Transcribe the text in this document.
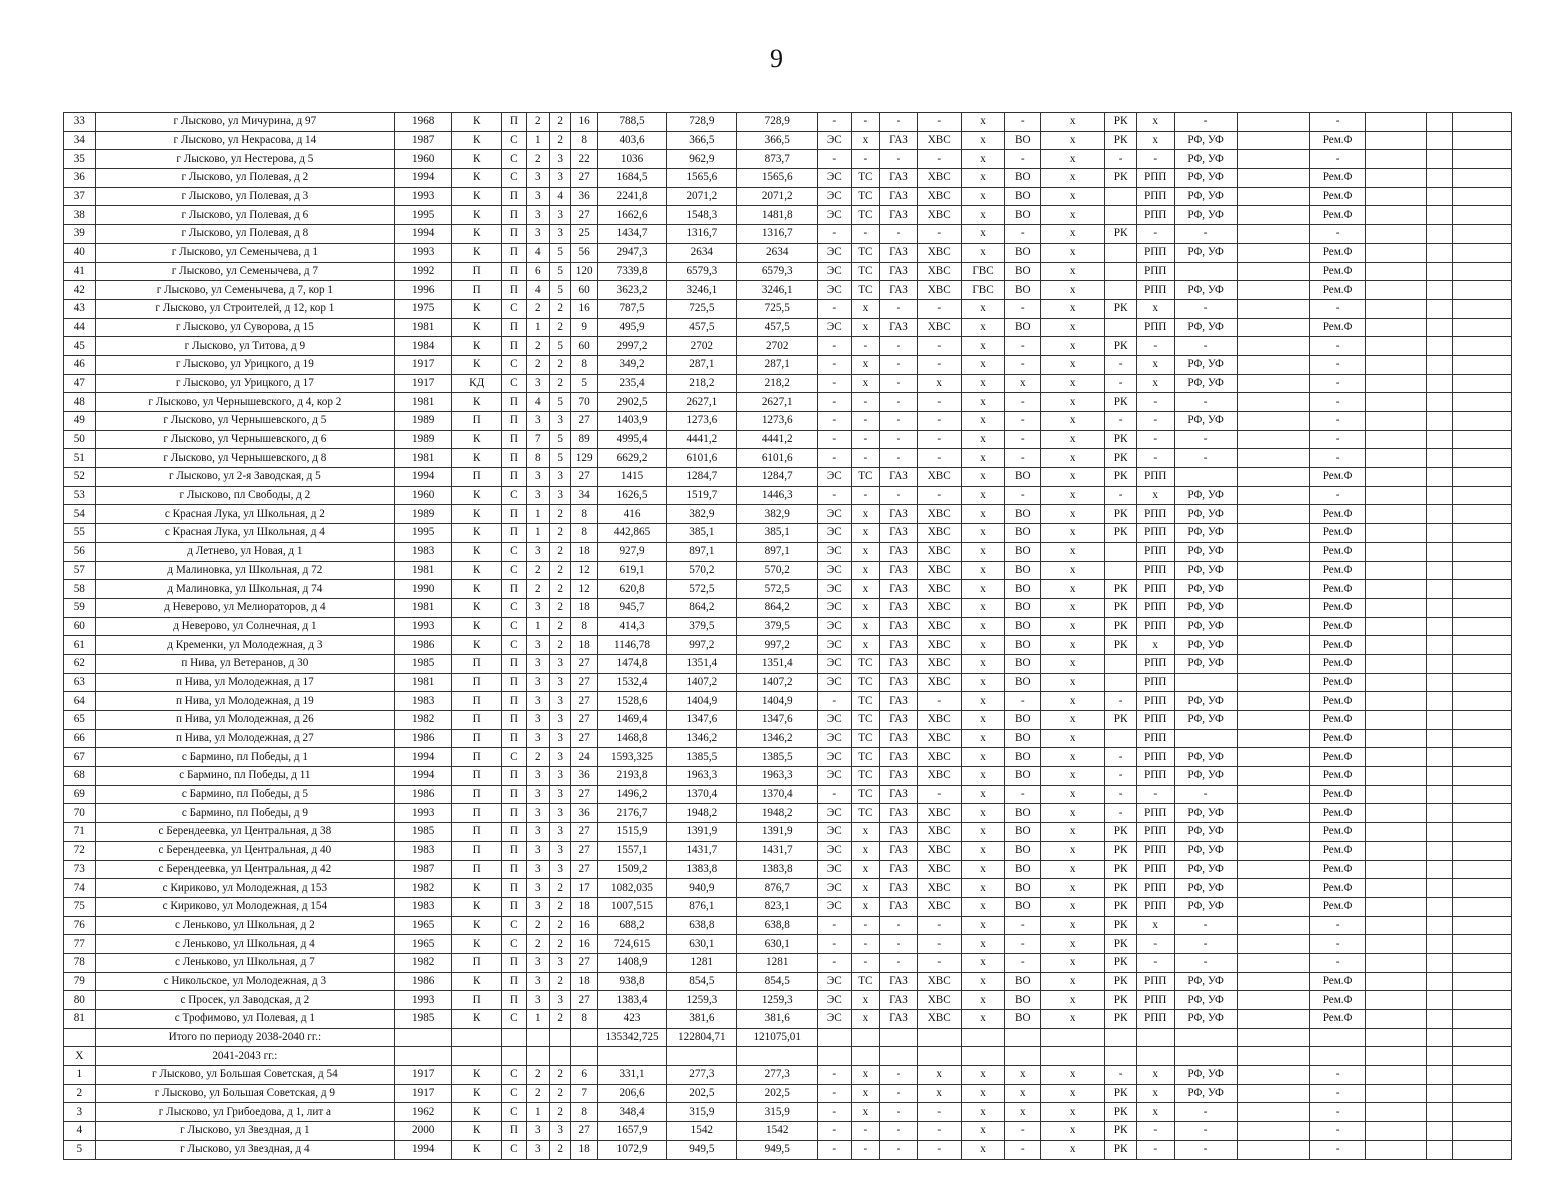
9
33	г Лысково, ул Мичурина, д 97	1968	К	П	2	2	16	788,5	728,9	728,9	-	-	-	-	х	-	х	РК	х	-		-			
34	г Лысково, ул Некрасова, д 14	1987	К	С	1	2	8	403,6	366,5	366,5	ЭС	х	ГАЗ	ХВС	х	ВО	х	РК	х	РФ, УФ		Рем.Ф			
35	г Лысково, ул Нестерова, д 5	1960	К	С	2	3	22	1036	962,9	873,7	-	-	-	-	х	-	х	-	-	РФ, УФ		-			
36	г Лысково, ул Полевая, д 2	1994	К	С	3	3	27	1684,5	1565,6	1565,6	ЭС	ТС	ГАЗ	ХВС	х	ВО	х	РК	РПП	РФ, УФ		Рем.Ф			
37	г Лысково, ул Полевая, д 3	1993	К	П	3	4	36	2241,8	2071,2	2071,2	ЭС	ТС	ГАЗ	ХВС	х	ВО	х		РПП	РФ, УФ		Рем.Ф			
38	г Лысково, ул Полевая, д 6	1995	К	П	3	3	27	1662,6	1548,3	1481,8	ЭС	ТС	ГАЗ	ХВС	х	ВО	х		РПП	РФ, УФ		Рем.Ф			
39	г Лысково, ул Полевая, д 8	1994	К	П	3	3	25	1434,7	1316,7	1316,7	-	-	-	-	х	-	х	РК	-	-		-			
40	г Лысково, ул Семенычева, д 1	1993	К	П	4	5	56	2947,3	2634	2634	ЭС	ТС	ГАЗ	ХВС	х	ВО	х		РПП	РФ, УФ		Рем.Ф			
41	г Лысково, ул Семенычева, д 7	1992	П	П	6	5	120	7339,8	6579,3	6579,3	ЭС	ТС	ГАЗ	ХВС	ГВС	ВО	х		РПП			Рем.Ф			
42	г Лысково, ул Семенычева, д 7, кор 1	1996	П	П	4	5	60	3623,2	3246,1	3246,1	ЭС	ТС	ГАЗ	ХВС	ГВС	ВО	х		РПП	РФ, УФ		Рем.Ф			
43	г Лысково, ул Строителей, д 12, кор 1	1975	К	С	2	2	16	787,5	725,5	725,5	-	х	-	-	х	-	х	РК	х	-		-			
44	г Лысково, ул Суворова, д 15	1981	К	П	1	2	9	495,9	457,5	457,5	ЭС	х	ГАЗ	ХВС	х	ВО	х		РПП	РФ, УФ		Рем.Ф			
45	г Лысково, ул Титова, д 9	1984	К	П	2	5	60	2997,2	2702	2702	-	-	-	-	х	-	х	РК	-	-		-			
46	г Лысково, ул Урицкого, д 19	1917	К	С	2	2	8	349,2	287,1	287,1	-	х	-	-	х	-	х	-	х	РФ, УФ		-			
47	г Лысково, ул Урицкого, д 17	1917	КД	С	3	2	5	235,4	218,2	218,2	-	х	-	х	х	х	х	-	х	РФ, УФ		-			
48	г Лысково, ул Чернышевского, д 4, кор 2	1981	К	П	4	5	70	2902,5	2627,1	2627,1	-	-	-	-	х	-	х	РК	-	-		-			
49	г Лысково, ул Чернышевского, д 5	1989	П	П	3	3	27	1403,9	1273,6	1273,6	-	-	-	-	х	-	х	-	-	РФ, УФ		-			
50	г Лысково, ул Чернышевского, д 6	1989	К	П	7	5	89	4995,4	4441,2	4441,2	-	-	-	-	х	-	х	РК	-	-		-			
51	г Лысково, ул Чернышевского, д 8	1981	К	П	8	5	129	6629,2	6101,6	6101,6	-	-	-	-	х	-	х	РК	-	-		-			
52	г Лысково, ул 2-я Заводская, д 5	1994	П	П	3	3	27	1415	1284,7	1284,7	ЭС	ТС	ГАЗ	ХВС	х	ВО	х	РК	РПП			Рем.Ф			
53	г Лысково, пл Свободы, д 2	1960	К	С	3	3	34	1626,5	1519,7	1446,3	-	-	-	-	х	-	х	-	х	РФ, УФ		-			
54	с Красная Лука, ул Школьная, д 2	1989	К	П	1	2	8	416	382,9	382,9	ЭС	х	ГАЗ	ХВС	х	ВО	х	РК	РПП	РФ, УФ		Рем.Ф			
55	с Красная Лука, ул Школьная, д 4	1995	К	П	1	2	8	442,865	385,1	385,1	ЭС	х	ГАЗ	ХВС	х	ВО	х	РК	РПП	РФ, УФ		Рем.Ф			
56	д Летнево, ул Новая, д 1	1983	К	С	3	2	18	927,9	897,1	897,1	ЭС	х	ГАЗ	ХВС	х	ВО	х		РПП	РФ, УФ		Рем.Ф			
57	д Малиновка, ул Школьная, д 72	1981	К	С	2	2	12	619,1	570,2	570,2	ЭС	х	ГАЗ	ХВС	х	ВО	х		РПП	РФ, УФ		Рем.Ф			
58	д Малиновка, ул Школьная, д 74	1990	К	П	2	2	12	620,8	572,5	572,5	ЭС	х	ГАЗ	ХВС	х	ВО	х	РК	РПП	РФ, УФ		Рем.Ф			
59	д Неверово, ул Мелиораторов, д 4	1981	К	С	3	2	18	945,7	864,2	864,2	ЭС	х	ГАЗ	ХВС	х	ВО	х	РК	РПП	РФ, УФ		Рем.Ф			
60	д Неверово, ул Солнечная, д 1	1993	К	С	1	2	8	414,3	379,5	379,5	ЭС	х	ГАЗ	ХВС	х	ВО	х	РК	РПП	РФ, УФ		Рем.Ф			
61	д Кременки, ул Молодежная, д 3	1986	К	С	3	2	18	1146,78	997,2	997,2	ЭС	х	ГАЗ	ХВС	х	ВО	х	РК	х	РФ, УФ		Рем.Ф			
62	п Нива, ул Ветеранов, д 30	1985	П	П	3	3	27	1474,8	1351,4	1351,4	ЭС	ТС	ГАЗ	ХВС	х	ВО	х		РПП	РФ, УФ		Рем.Ф			
63	п Нива, ул Молодежная, д 17	1981	П	П	3	3	27	1532,4	1407,2	1407,2	ЭС	ТС	ГАЗ	ХВС	х	ВО	х		РПП			Рем.Ф			
64	п Нива, ул Молодежная, д 19	1983	П	П	3	3	27	1528,6	1404,9	1404,9	-	ТС	ГАЗ	-	х	-	х	-	РПП	РФ, УФ		Рем.Ф			
65	п Нива, ул Молодежная, д 26	1982	П	П	3	3	27	1469,4	1347,6	1347,6	ЭС	ТС	ГАЗ	ХВС	х	ВО	х	РК	РПП	РФ, УФ		Рем.Ф			
66	п Нива, ул Молодежная, д 27	1986	П	П	3	3	27	1468,8	1346,2	1346,2	ЭС	ТС	ГАЗ	ХВС	х	ВО	х		РПП			Рем.Ф			
67	с Бармино, пл Победы, д 1	1994	П	С	2	3	24	1593,325	1385,5	1385,5	ЭС	ТС	ГАЗ	ХВС	х	ВО	х	-	РПП	РФ, УФ		Рем.Ф			
68	с Бармино, пл Победы, д 11	1994	П	П	3	3	36	2193,8	1963,3	1963,3	ЭС	ТС	ГАЗ	ХВС	х	ВО	х	-	РПП	РФ, УФ		Рем.Ф			
69	с Бармино, пл Победы, д 5	1986	П	П	3	3	27	1496,2	1370,4	1370,4	-	ТС	ГАЗ	-	х	-	х	-	-	-		Рем.Ф			
70	с Бармино, пл Победы, д 9	1993	П	П	3	3	36	2176,7	1948,2	1948,2	ЭС	ТС	ГАЗ	ХВС	х	ВО	х	-	РПП	РФ, УФ		Рем.Ф			
71	с Берендеевка, ул Центральная, д 38	1985	П	П	3	3	27	1515,9	1391,9	1391,9	ЭС	х	ГАЗ	ХВС	х	ВО	х	РК	РПП	РФ, УФ		Рем.Ф			
72	с Берендеевка, ул Центральная, д 40	1983	П	П	3	3	27	1557,1	1431,7	1431,7	ЭС	х	ГАЗ	ХВС	х	ВО	х	РК	РПП	РФ, УФ		Рем.Ф			
73	с Берендеевка, ул Центральная, д 42	1987	П	П	3	3	27	1509,2	1383,8	1383,8	ЭС	х	ГАЗ	ХВС	х	ВО	х	РК	РПП	РФ, УФ		Рем.Ф			
74	с Кириково, ул Молодежная, д 153	1982	К	П	3	2	17	1082,035	940,9	876,7	ЭС	х	ГАЗ	ХВС	х	ВО	х	РК	РПП	РФ, УФ		Рем.Ф			
75	с Кириково, ул Молодежная, д 154	1983	К	П	3	2	18	1007,515	876,1	823,1	ЭС	х	ГАЗ	ХВС	х	ВО	х	РК	РПП	РФ, УФ		Рем.Ф			
76	с Леньково, ул Школьная, д 2	1965	К	С	2	2	16	688,2	638,8	638,8	-	-	-	-	х	-	х	РК	х	-		-			
77	с Леньково, ул Школьная, д 4	1965	К	С	2	2	16	724,615	630,1	630,1	-	-	-	-	х	-	х	РК	-	-		-			
78	с Леньково, ул Школьная, д 7	1982	П	П	3	3	27	1408,9	1281	1281	-	-	-	-	х	-	х	РК	-	-		-			
79	с Никольское, ул Молодежная, д 3	1986	К	П	3	2	18	938,8	854,5	854,5	ЭС	ТС	ГАЗ	ХВС	х	ВО	х	РК	РПП	РФ, УФ		Рем.Ф			
80	с Просек, ул Заводская, д 2	1993	П	П	3	3	27	1383,4	1259,3	1259,3	ЭС	х	ГАЗ	ХВС	х	ВО	х	РК	РПП	РФ, УФ		Рем.Ф			
81	с Трофимово, ул Полевая, д 1	1985	К	С	1	2	8	423	381,6	381,6	ЭС	х	ГАЗ	ХВС	х	ВО	х	РК	РПП	РФ, УФ		Рем.Ф			
	Итого по периоду 2038-2040 гг.:							135342,725	122804,71	121075,01															
X	2041-2043 гг.:																								
1	г Лысково, ул Большая Советская, д 54	1917	К	С	2	2	6	331,1	277,3	277,3	-	х	-	х	х	х	х	-	х	РФ, УФ		-			
2	г Лысково, ул Большая Советская, д 9	1917	К	С	2	2	7	206,6	202,5	202,5	-	х	-	х	х	х	х	РК	х	РФ, УФ		-			
3	г Лысково, ул Грибоедова, д 1, лит а	1962	К	С	1	2	8	348,4	315,9	315,9	-	х	-	-	х	х	х	РК	х	-		-			
4	г Лысково, ул Звездная, д 1	2000	К	П	3	3	27	1657,9	1542	1542	-	-	-	-	х	-	х	РК	-	-		-			
5	г Лысково, ул Звездная, д 4	1994	К	С	3	2	18	1072,9	949,5	949,5	-	-	-	-	х	-	х	РК	-	-		-			
